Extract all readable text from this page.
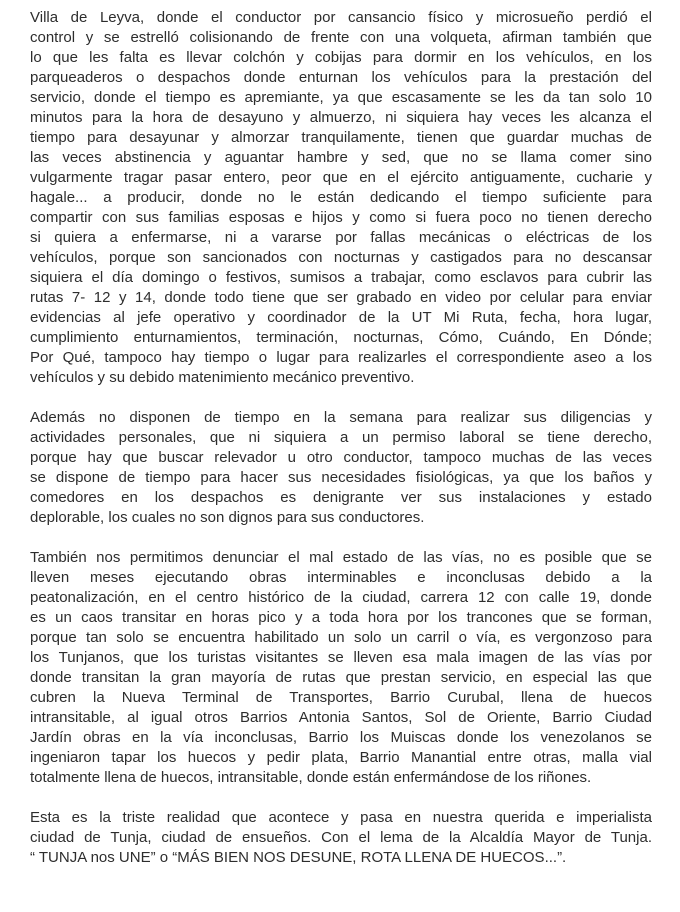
Villa de Leyva, donde el conductor por cansancio físico y microsueño perdió el
control y se estrelló colisionando de frente con una volqueta, afirman también que
lo que les falta es llevar colchón y cobijas para dormir en los vehículos, en los
parqueaderos o despachos donde enturnan los vehículos para la prestación del
servicio, donde el tiempo es apremiante, ya que escasamente se les da tan solo 10
minutos para la hora de desayuno y almuerzo, ni siquiera hay veces les alcanza el
tiempo para desayunar y almorzar tranquilamente, tienen que guardar muchas de
las veces abstinencia y aguantar hambre y sed, que no se llama comer sino
vulgarmente tragar pasar entero, peor que en el ejército antiguamente, cucharie y
hagale... a producir, donde no le están dedicando el tiempo suficiente para
compartir con sus familias esposas e hijos y como si fuera poco no tienen derecho
si quiera a enfermarse, ni a vararse por fallas mecánicas o eléctricas de los
vehículos, porque son sancionados con nocturnas y castigados para no descansar
siquiera el día domingo o festivos, sumisos a trabajar, como esclavos para cubrir las
rutas 7- 12 y 14, donde todo tiene que ser grabado en video por celular para enviar
evidencias al jefe operativo y coordinador de la UT Mi Ruta, fecha, hora lugar,
cumplimiento enturnamientos, terminación, nocturnas, Cómo, Cuándo, En Dónde;
Por Qué, tampoco hay tiempo o lugar para realizarles el correspondiente aseo a los
vehículos y su debido matenimiento mecánico preventivo.
Además no disponen de tiempo en la semana para realizar sus diligencias y
actividades personales, que ni siquiera a un permiso laboral se tiene derecho,
porque hay que buscar relevador u otro conductor, tampoco muchas de las veces
se dispone de tiempo para hacer sus necesidades fisiológicas, ya que los baños y
comedores en los despachos es denigrante ver sus instalaciones y estado
deplorable, los cuales no son dignos para sus conductores.
También nos permitimos denunciar el mal estado de las vías, no es posible que se
lleven meses ejecutando obras interminables e inconclusas debido a la
peatonalización, en el centro histórico de la ciudad, carrera 12 con calle 19, donde
es un caos transitar en horas pico y a toda hora por los trancones que se forman,
porque tan solo se encuentra habilitado un solo un carril o vía, es vergonzoso para
los Tunjanos, que los turistas visitantes se lleven esa mala imagen de las vías por
donde transitan la gran mayoría de rutas que prestan servicio, en especial las que
cubren la Nueva Terminal de Transportes, Barrio Curubal, llena de huecos
intransitable, al igual otros Barrios Antonia Santos, Sol de Oriente, Barrio Ciudad
Jardín obras en la vía inconclusas, Barrio los Muiscas donde los venezolanos se
ingeniaron tapar los huecos y pedir plata, Barrio Manantial entre otras, malla vial
totalmente llena de huecos, intransitable, donde están enfermándose de los riñones.
Esta es la triste realidad que acontece y pasa en nuestra querida e imperialista
ciudad de Tunja, ciudad de ensueños. Con el lema de la Alcaldía Mayor de Tunja.
“ TUNJA nos UNE” o “MÁS BIEN NOS DESUNE, ROTA LLENA DE HUECOS...”.
